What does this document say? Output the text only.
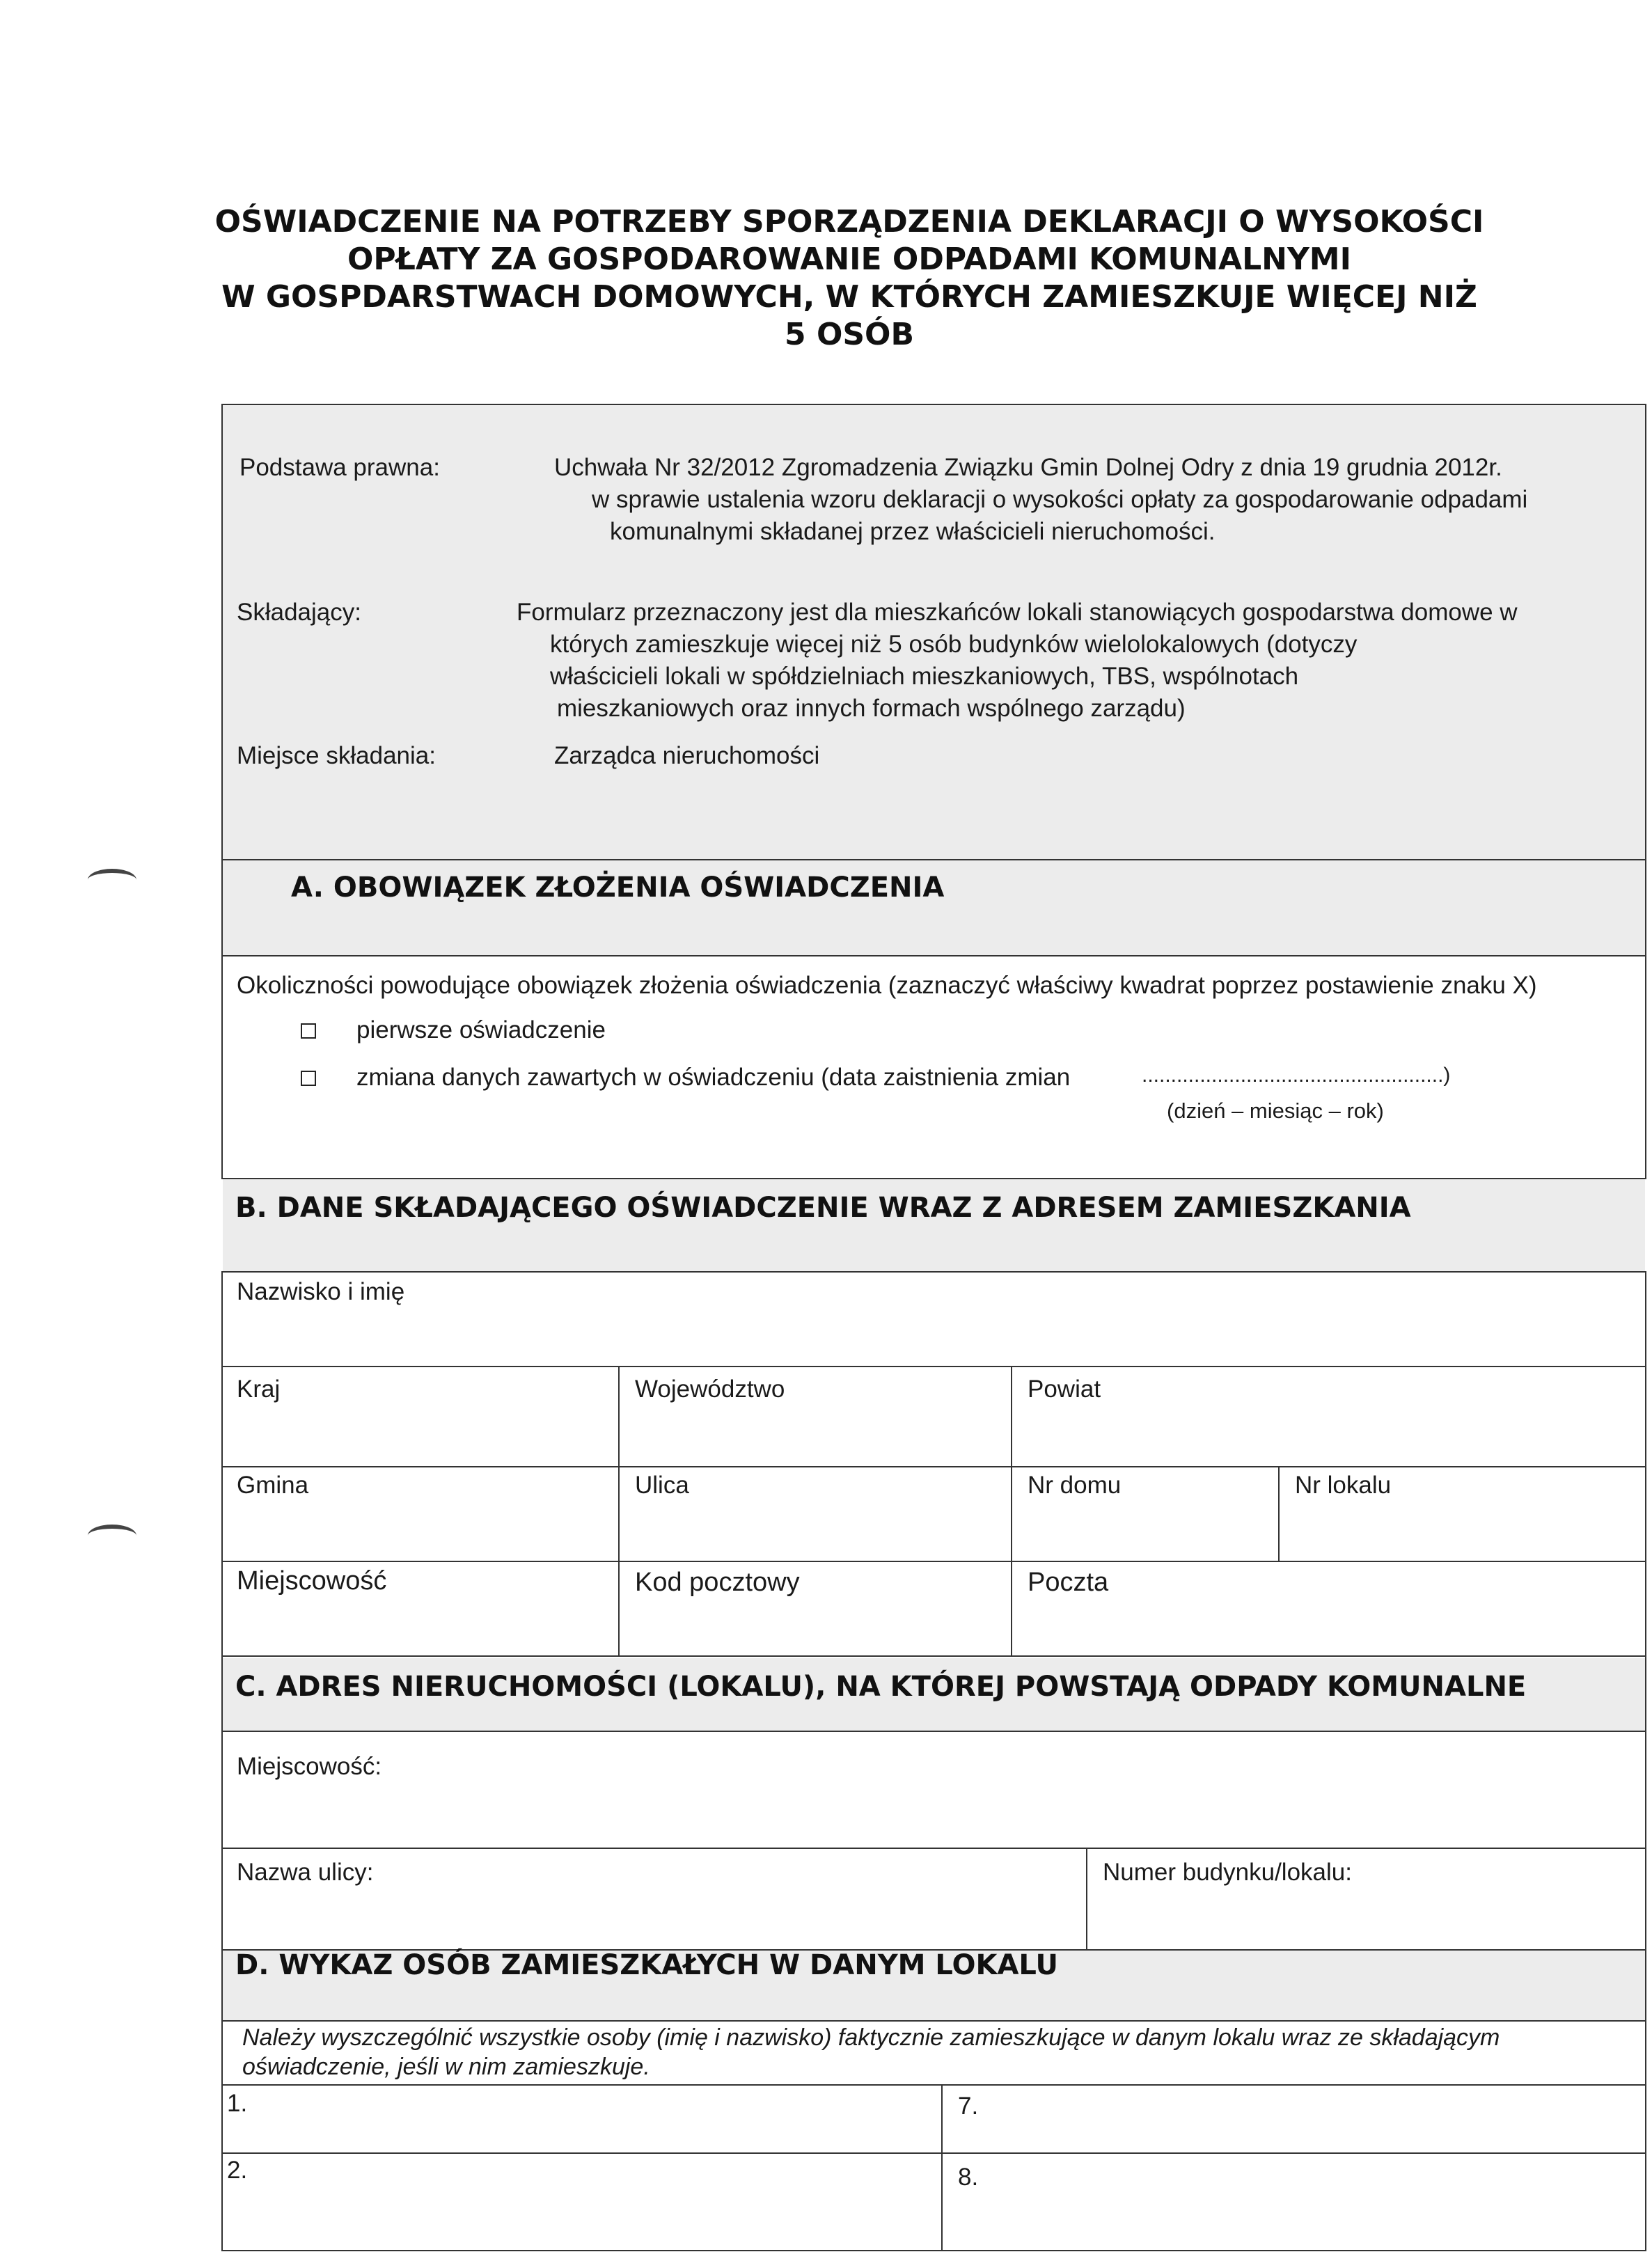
OŚWIADCZENIE NA POTRZEBY SPORZĄDZENIA DEKLARACJI O WYSOKOŚCI
OPŁATY ZA GOSPODAROWANIE ODPADAMI KOMUNALNYMI
W GOSPDARSTWACH DOMOWYCH, W KTÓRYCH ZAMIESZKUJE WIĘCEJ NIŻ
5 OSÓB
Podstawa prawna:	Uchwała Nr 32/2012 Zgromadzenia Związku Gmin Dolnej Odry z dnia 19 grudnia 2012r.
w sprawie ustalenia wzoru deklaracji o wysokości opłaty za gospodarowanie odpadami
komunalnymi składanej przez właścicieli nieruchomości.
Składający:	Formularz przeznaczony jest dla mieszkańców lokali stanowiących gospodarstwa domowe w
których zamieszkuje więcej niż 5 osób budynków wielolokalowych (dotyczy
właścicieli lokali w spółdzielniach mieszkaniowych, TBS, wspólnotach
mieszkaniowych oraz innych formach wspólnego zarządu)
Miejsce składania:	Zarządca nieruchomości
A. OBOWIĄZEK ZŁOŻENIA OŚWIADCZENIA
Okoliczności powodujące obowiązek złożenia oświadczenia (zaznaczyć właściwy kwadrat poprzez postawienie znaku X)
pierwsze oświadczenie
zmiana danych zawartych w oświadczeniu (data zaistnienia zmian	....................................................)
(dzień – miesiąc – rok)
B. DANE SKŁADAJĄCEGO OŚWIADCZENIE WRAZ Z ADRESEM ZAMIESZKANIA
Nazwisko i imię
Kraj	Województwo	Powiat
Gmina	Ulica	Nr domu	Nr lokalu
Miejscowość	Kod pocztowy	Poczta
C. ADRES NIERUCHOMOŚCI (LOKALU), NA KTÓREJ POWSTAJĄ ODPADY KOMUNALNE
Miejscowość:
Nazwa ulicy:	Numer budynku/lokalu:
D. WYKAZ OSÓB ZAMIESZKAŁYCH W DANYM LOKALU
Należy wyszczególnić wszystkie osoby (imię i nazwisko) faktycznie zamieszkujące w danym lokalu wraz ze składającym
oświadczenie, jeśli w nim zamieszkuje.
1.	7.
2.	8.
